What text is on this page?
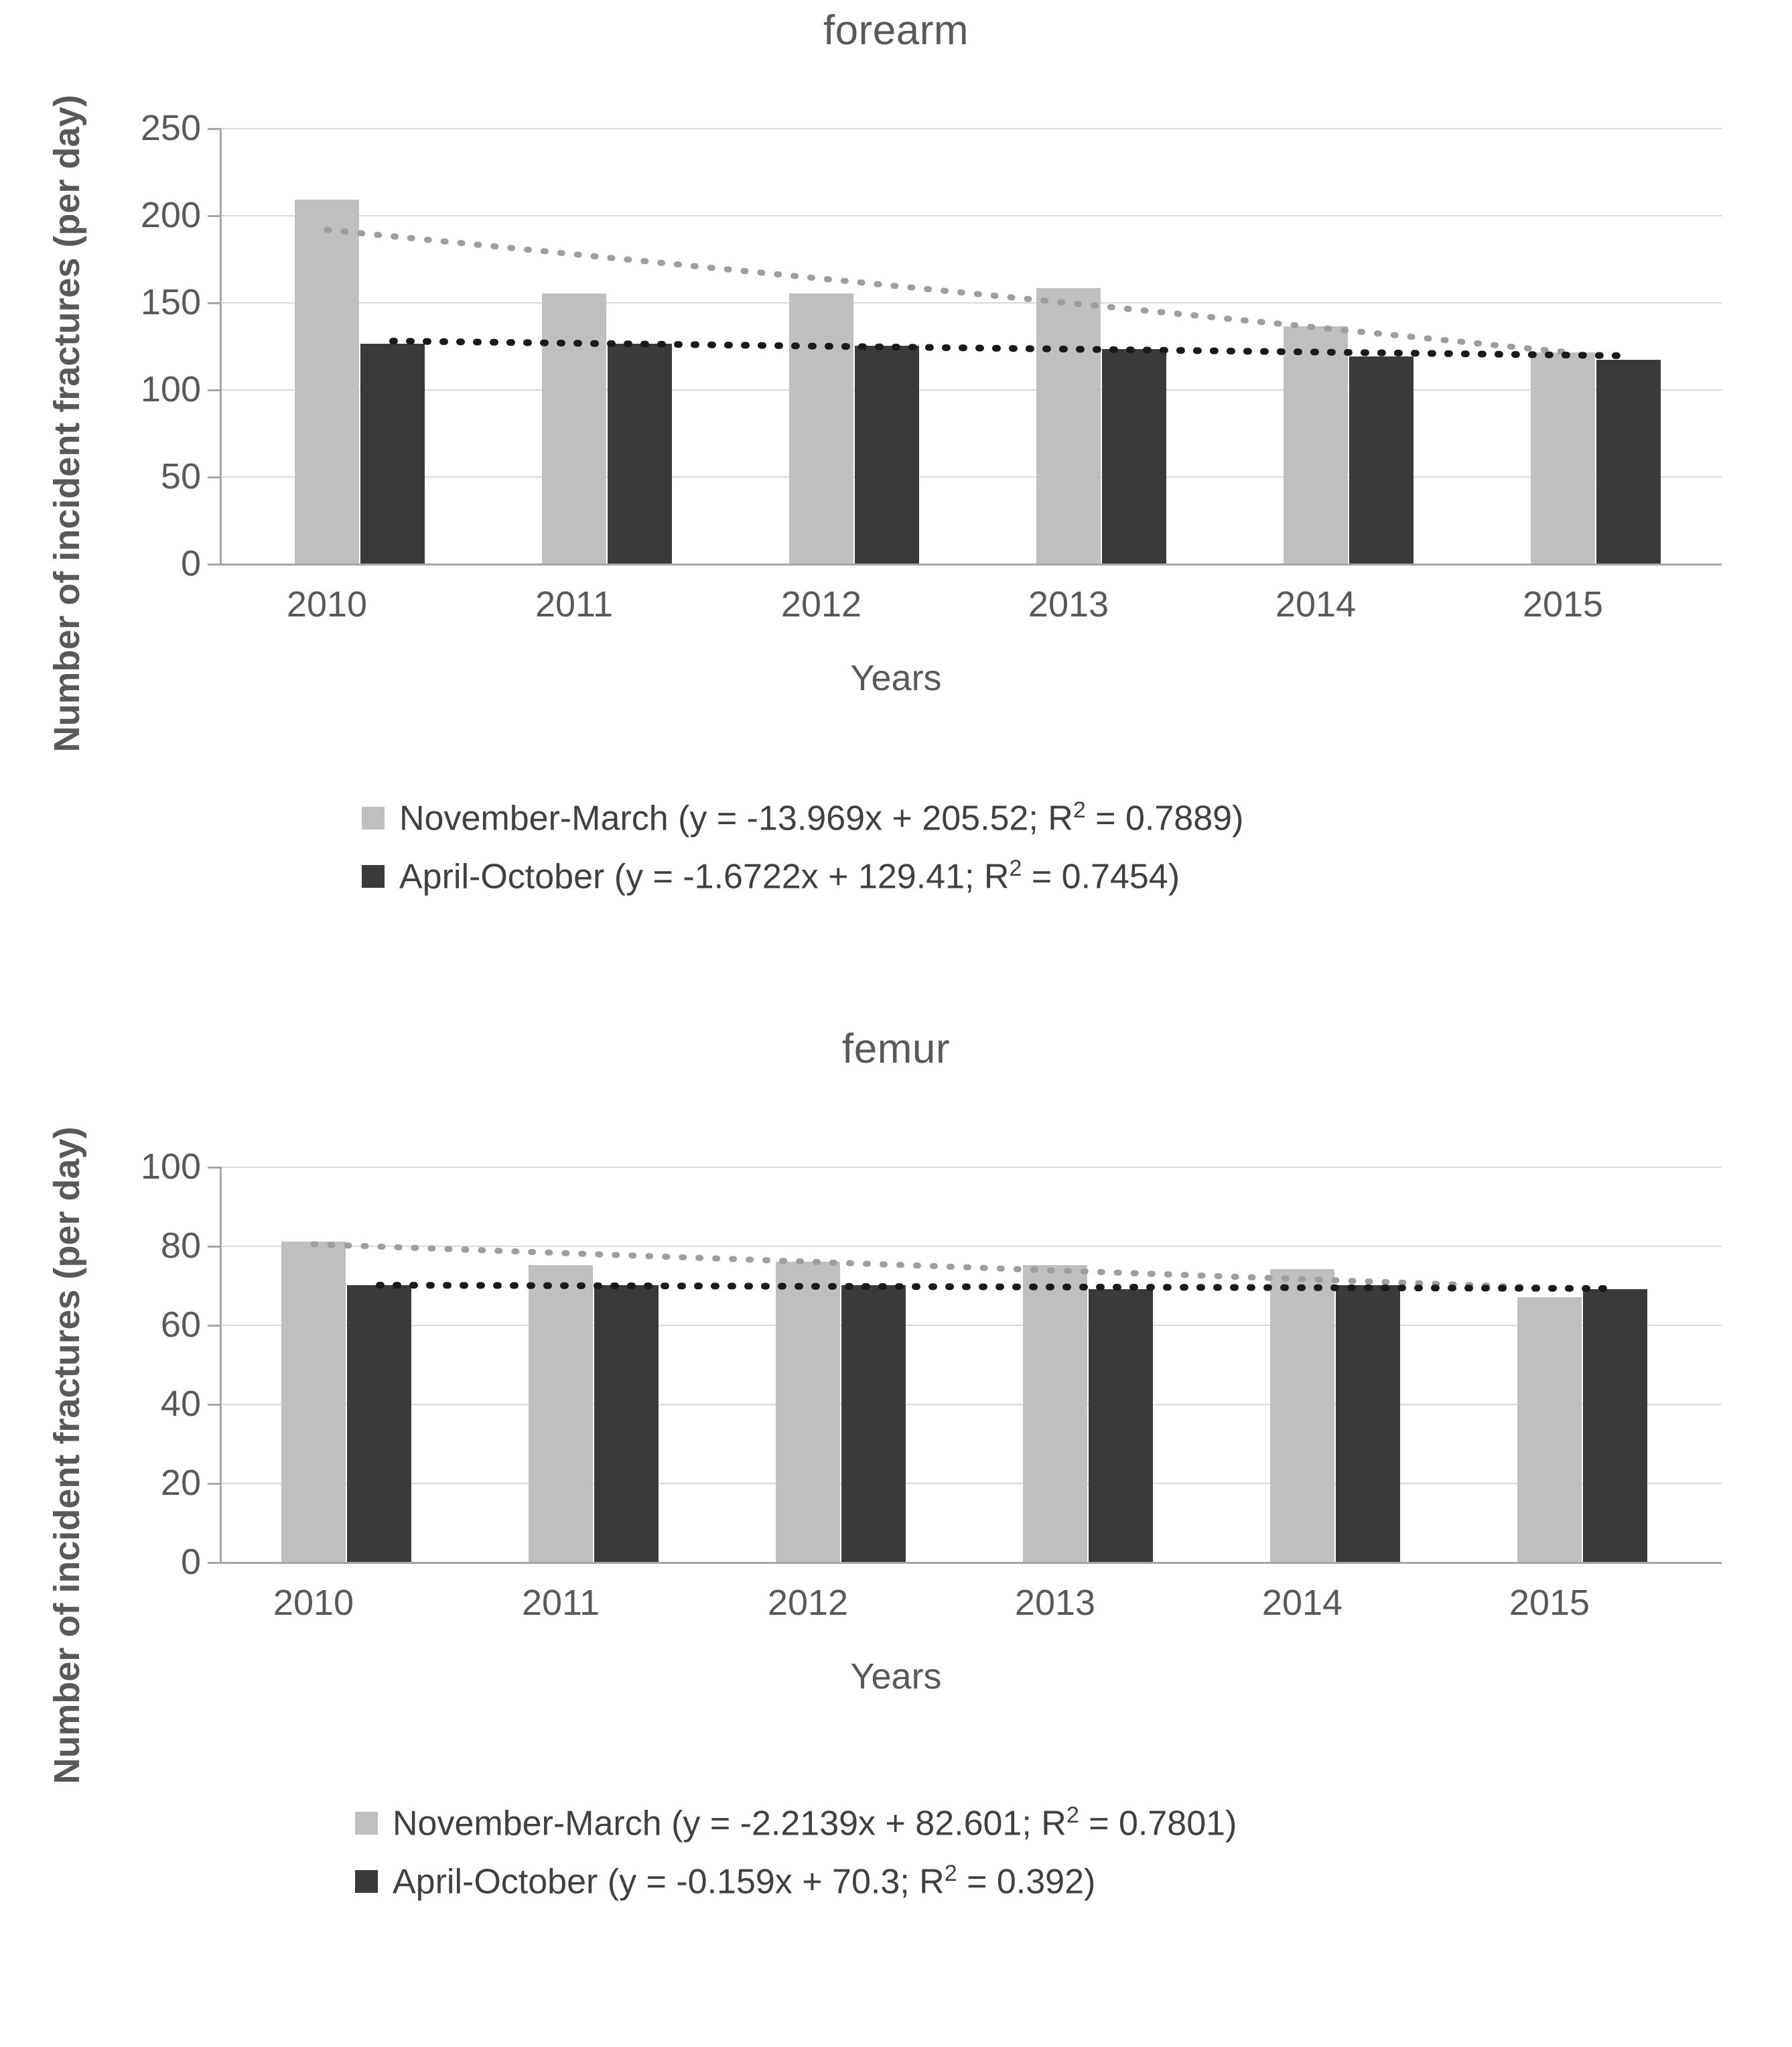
forearm
Number of incident fractures (per day)	250
200
150
100
50
0
2010	2011	2012	2013	2014	2015
Years
November-March (y = -13.969x + 205.52; $R^2 = 0.7889$)
April-October (y = -1.6722x + 129.41; $R^2 = 0.7454$)
femur
Number of incident fractures (per day)	100
80
60
40
20
0
2010	2011	2012	2013	2014	2015
Years
November-March (y = -2.2139x + 82.601; $R^2 = 0.7801$)
April-October (y = -0.159x + 70.3; $R^2 = 0.392$)
